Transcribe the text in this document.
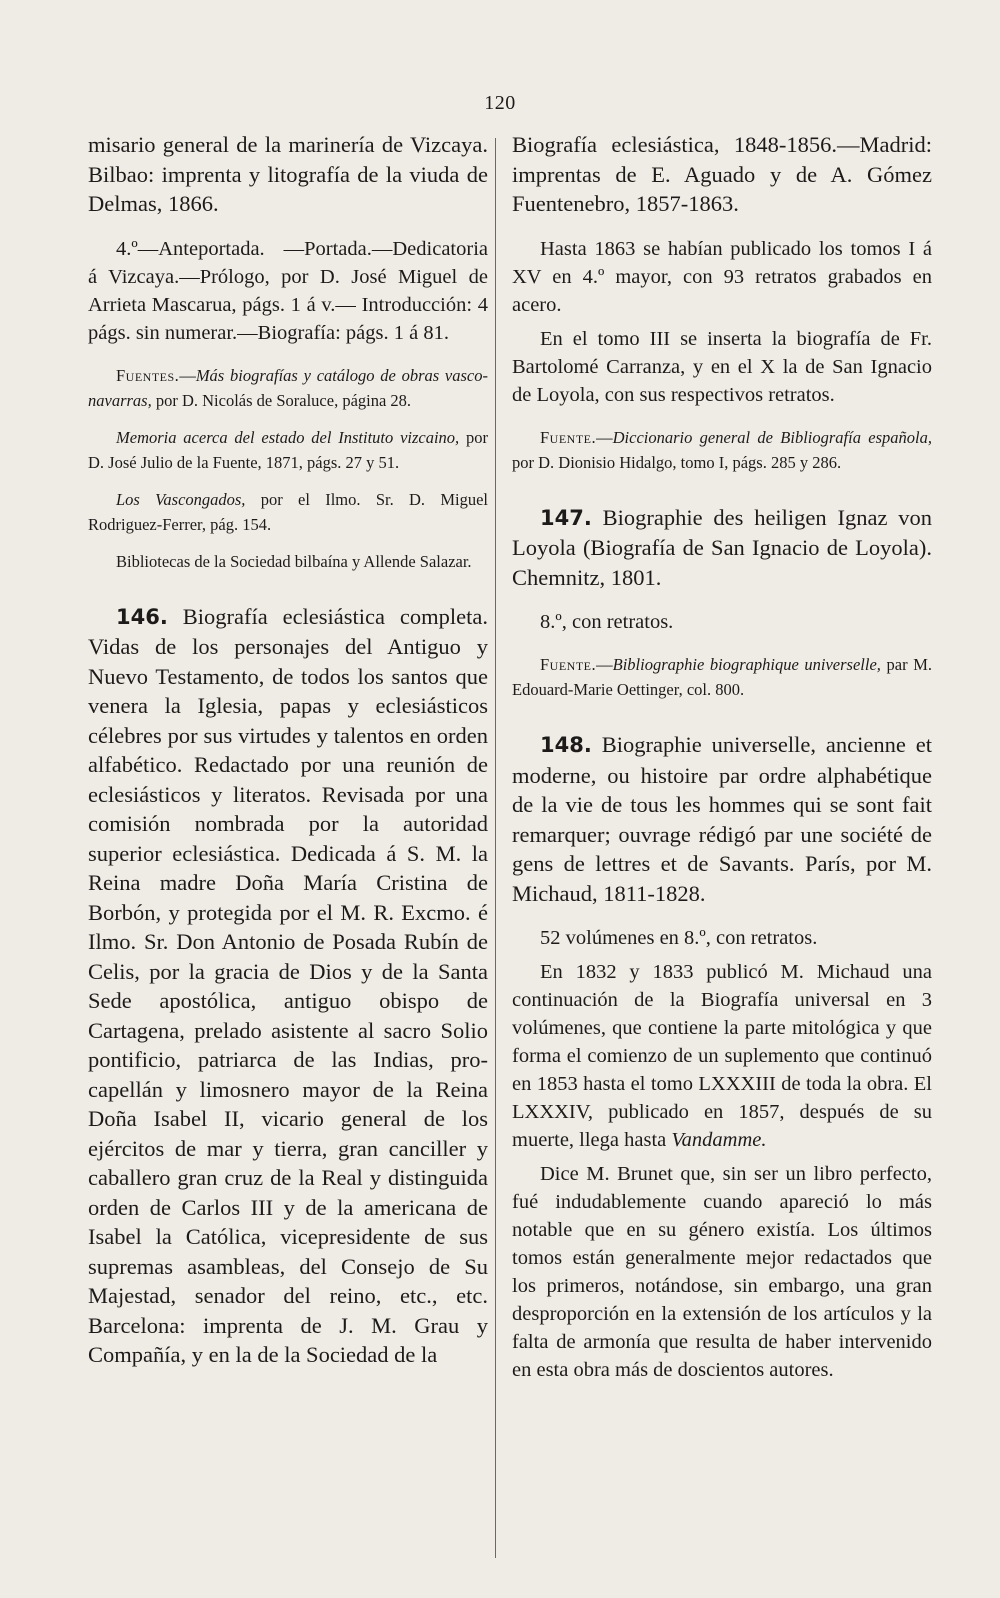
120

misario general de la marinería de Vizcaya. Bilbao: imprenta y litografía de la viuda de Delmas, 1866.

4.º—Anteportada. —Portada.—Dedicatoria á Vizcaya.—Prólogo, por D. José Miguel de Arrieta Mascarua, págs. 1 á v.— Introducción: 4 págs. sin numerar.—Biografía: págs. 1 á 81.

Fuentes.—Más biografías y catálogo de obras vasco-navarras, por D. Nicolás de Soraluce, página 28.

Memoria acerca del estado del Instituto vizcaino, por D. José Julio de la Fuente, 1871, págs. 27 y 51.

Los Vascongados, por el Ilmo. Sr. D. Miguel Rodriguez-Ferrer, pág. 154.

Bibliotecas de la Sociedad bilbaína y Allende Salazar.

146. Biografía eclesiástica completa. Vidas de los personajes del Antiguo y Nuevo Testamento, de todos los santos que venera la Iglesia, papas y eclesiásticos célebres por sus virtudes y talentos en orden alfabético. Redactado por una reunión de eclesiásticos y literatos. Revisada por una comisión nombrada por la autoridad superior eclesiástica. Dedicada á S. M. la Reina madre Doña María Cristina de Borbón, y protegida por el M. R. Excmo. é Ilmo. Sr. Don Antonio de Posada Rubín de Celis, por la gracia de Dios y de la Santa Sede apostólica, antiguo obispo de Cartagena, prelado asistente al sacro Solio pontificio, patriarca de las Indias, pro-capellán y limosnero mayor de la Reina Doña Isabel II, vicario general de los ejércitos de mar y tierra, gran canciller y caballero gran cruz de la Real y distinguida orden de Carlos III y de la americana de Isabel la Católica, vicepresidente de sus supremas asambleas, del Consejo de Su Majestad, senador del reino, etc., etc. Barcelona: imprenta de J. M. Grau y Compañía, y en la de la Sociedad de la

Biografía eclesiástica, 1848-1856.—Madrid: imprentas de E. Aguado y de A. Gómez Fuentenebro, 1857-1863.

Hasta 1863 se habían publicado los tomos I á XV en 4.º mayor, con 93 retratos grabados en acero.

En el tomo III se inserta la biografía de Fr. Bartolomé Carranza, y en el X la de San Ignacio de Loyola, con sus respectivos retratos.

Fuente.—Diccionario general de Bibliografía española, por D. Dionisio Hidalgo, tomo I, págs. 285 y 286.

147. Biographie des heiligen Ignaz von Loyola (Biografía de San Ignacio de Loyola). Chemnitz, 1801.

8.º, con retratos.

Fuente.—Bibliographie biographique universelle, par M. Edouard-Marie Oettinger, col. 800.

148. Biographie universelle, ancienne et moderne, ou histoire par ordre alphabétique de la vie de tous les hommes qui se sont fait remarquer; ouvrage rédigó par une société de gens de lettres et de Savants. París, por M. Michaud, 1811-1828.

52 volúmenes en 8.º, con retratos.

En 1832 y 1833 publicó M. Michaud una continuación de la Biografía universal en 3 volúmenes, que contiene la parte mitológica y que forma el comienzo de un suplemento que continuó en 1853 hasta el tomo LXXXIII de toda la obra. El LXXXIV, publicado en 1857, después de su muerte, llega hasta Vandamme.

Dice M. Brunet que, sin ser un libro perfecto, fué indudablemente cuando apareció lo más notable que en su género existía. Los últimos tomos están generalmente mejor redactados que los primeros, notándose, sin embargo, una gran desproporción en la extensión de los artículos y la falta de armonía que resulta de haber intervenido en esta obra más de doscientos autores.
